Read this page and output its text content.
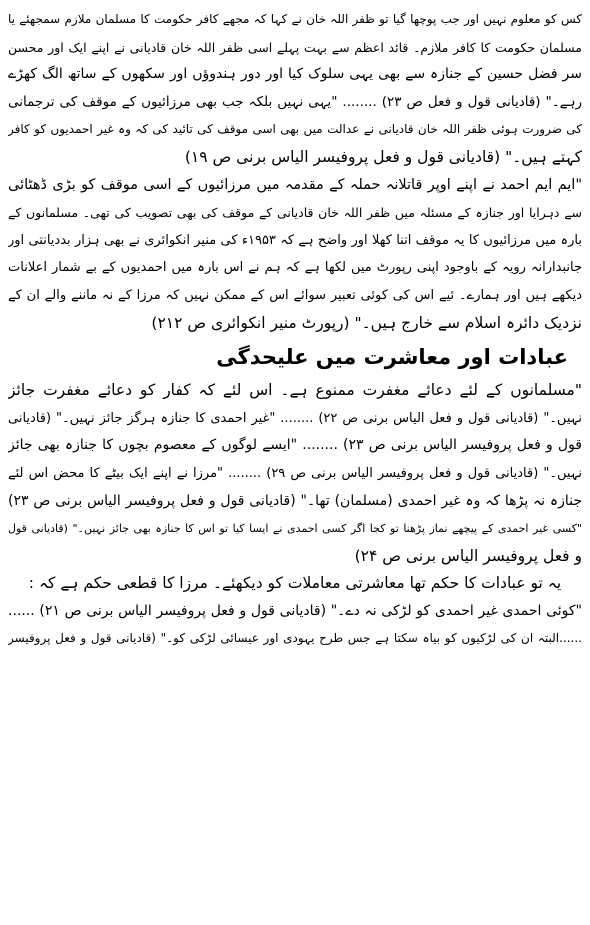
کس کو معلوم نہیں اور جب پوچھا گیا تو ظفر اللہ خان نے کہا کہ مجھے کافر حکومت کا مسلمان ملازم سمجھئے یا
مسلمان حکومت کا کافر ملازم۔ قائد اعظم سے بہت پہلے اسی ظفر اللہ خان قادیانی نے اپنے ایک اور محسن
سر فضل حسین کے جنازہ سے بھی یہی سلوک کیا اور دور ہندوؤں اور سکھوں کے ساتھ الگ کھڑے
رہے۔" (قادیانی قول و فعل ص ۲۳) ........ "یہی نہیں بلکہ جب بھی مرزائیوں کے موقف کی ترجمانی
کی ضرورت ہوئی ظفر اللہ خان قادیانی نے عدالت میں بھی اسی موقف کی تائید کی کہ وہ غیر احمدیوں کو کافر
کہتے ہیں۔" (قادیانی قول و فعل پروفیسر الیاس برنی ص ۱۹)
"ایم ایم احمد نے اپنے اوپر قاتلانہ حملہ کے مقدمہ میں مرزائیوں کے اسی موقف کو بڑی ڈھٹائی
سے دہرایا اور جنازہ کے مسئلہ میں ظفر اللہ خان قادیانی کے موقف کی بھی تصویب کی تھی۔ مسلمانوں کے
بارہ میں مرزائیوں کا یہ موقف اتنا کھلا اور واضح ہے کہ ۱۹۵۳ء کی منیر انکوائری نے بھی ہزار بددیانتی اور
جانبدارانہ رویہ کے باوجود اپنی رپورٹ میں لکھا ہے کہ ہم نے اس بارہ میں احمدیوں کے بے شمار اعلانات
دیکھے ہیں اور ہمارے۔ ئیے اس کی کوئی تعبیر سوائے اس کے ممکن نہیں کہ مرزا کے نہ ماننے والے ان کے
نزدیک دائرہ اسلام سے خارج ہیں۔" (رپورٹ منیر انکوائری ص ۲۱۲)
عبادات اور معاشرت میں علیحدگی
"مسلمانوں کے لئے دعائے مغفرت ممنوع ہے۔ اس لئے کہ کفار کو دعائے مغفرت جائز
نہیں۔" (قادیانی قول و فعل الیاس برنی ص ۲۲) ........ "غیر احمدی کا جنازہ ہرگز جائز نہیں۔" (قادیانی
قول و فعل پروفیسر الیاس برنی ص ۲۳) ........ "ایسے لوگوں کے معصوم بچوں کا جنازہ بھی جائز
نہیں۔" (قادیانی قول و فعل پروفیسر الیاس برنی ص ۲۹) ........ "مرزا نے اپنے ایک بیٹے کا محض اس لئے
جنازہ نہ پڑھا کہ وہ غیر احمدی (مسلمان) تھا۔" (قادیانی قول و فعل پروفیسر الیاس برنی ص ۲۳)
"کسی غیر احمدی کے پیچھے نماز پڑھنا تو کجا اگر کسی احمدی نے ایسا کیا تو اس کا جنازہ بھی جائز نہیں۔" (قادیانی قول
و فعل پروفیسر الیاس برنی ص ۲۴)
یہ تو عبادات کا حکم تھا معاشرتی معاملات کو دیکھئے۔ مرزا کا قطعی حکم ہے کہ :
"کوئی احمدی غیر احمدی کو لڑکی نہ دے۔" (قادیانی قول و فعل پروفیسر الیاس برنی ص ۲۱) ......
......البتہ ان کی لڑکیوں کو بیاہ سکتا ہے جس طرح یہودی اور عیسائی لڑکی کو۔" (قادیانی قول و فعل پروفیسر
